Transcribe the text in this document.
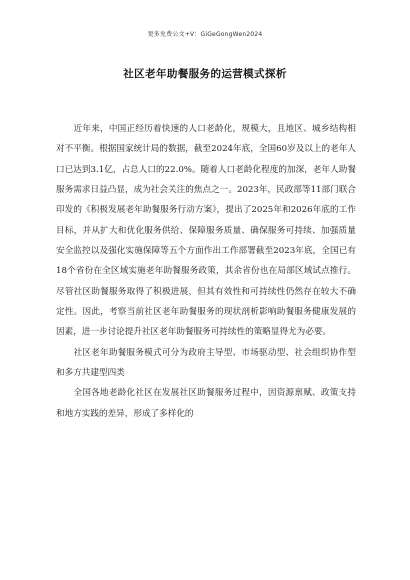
更多免费公文+V：GiGeGongWen2024
社区老年助餐服务的运营模式探析

近年来，中国正经历着快速的人口老龄化，规模大，且地区、城乡结构相对不平衡。根据国家统计局的数据，截至2024年底，全国60岁及以上的老年人口已达到3.1亿，占总人口的22.0%。随着人口老龄化程度的加深，老年人助餐服务需求日益凸显，成为社会关注的焦点之一。2023年，民政部等11部门联合印发的《积极发展老年助餐服务行动方案》，提出了2025年和2026年底的工作目标，并从扩大和优化服务供给、保障服务质量、确保服务可持续、加强质量安全监控以及强化实施保障等五个方面作出工作部署截至2023年底，全国已有18个省份在全区域实施老年助餐服务政策，其余省份也在局部区域试点推行。尽管社区助餐服务取得了积极进展，但其有效性和可持续性仍然存在较大不确定性。因此，考察当前社区老年助餐服务的现状剖析影响助餐服务健康发展的因素，进一步讨论提升社区老年助餐服务可持续性的策略显得尤为必要。

社区老年助餐服务模式可分为政府主导型、市场驱动型、社会组织协作型和多方共建型四类

全国各地老龄化社区在发展社区助餐服务过程中，因资源禀赋、政策支持和地方实践的差异，形成了多样化的
